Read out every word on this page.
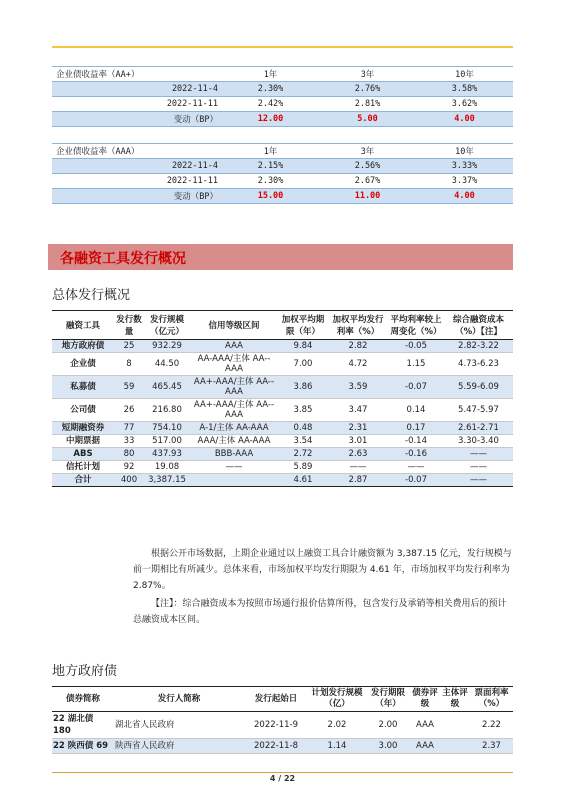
企业债收益率（AA+）	1年	3年	10年
2022-11-4	2.30%	2.76%	3.58%
2022-11-11	2.42%	2.81%	3.62%
变动（BP）	12.00	5.00	4.00
企业债收益率（AAA）	1年	3年	10年
2022-11-4	2.15%	2.56%	3.33%
2022-11-11	2.30%	2.67%	3.37%
变动（BP）	15.00	11.00	4.00
各融资工具发行概况
总体发行概况
融资工具	发行数量	发行规模（亿元）	信用等级区间	加权平均期限（年）	加权平均发行利率（%）	平均利率较上周变化（%）	综合融资成本（%）【注】
地方政府债	25	932.29	AAA	9.84	2.82	-0.05	2.82-3.22
企业债	8	44.50	AA-AAA/主体 AA--AAA	7.00	4.72	1.15	4.73-6.23
私募债	59	465.45	AA+-AAA/主体 AA--AAA	3.86	3.59	-0.07	5.59-6.09
公司债	26	216.80	AA+-AAA/主体 AA--AAA	3.85	3.47	0.14	5.47-5.97
短期融资券	77	754.10	A-1/主体 AA-AAA	0.48	2.31	0.17	2.61-2.71
中期票据	33	517.00	AAA/主体 AA-AAA	3.54	3.01	-0.14	3.30-3.40
ABS	80	437.93	BBB-AAA	2.72	2.63	-0.16	——
信托计划	92	19.08	——	5.89	——	——	——
合计	400	3,387.15		4.61	2.87	-0.07	——
根据公开市场数据，上期企业通过以上融资工具合计融资额为 3,387.15 亿元，发行规模与前一期相比有所减少。总体来看，市场加权平均发行期限为 4.61 年，市场加权平均发行利率为 2.87%。
【注】：综合融资成本为按照市场通行报价估算所得，包含发行及承销等相关费用后的预计总融资成本区间。
地方政府债
债券简称	发行人简称	发行起始日	计划发行规模（亿）	发行期限（年）	债券评级	主体评级	票面利率（%）
22 湖北债 180	湖北省人民政府	2022-11-9	2.02	2.00	AAA		2.22
22 陕西债 69	陕西省人民政府	2022-11-8	1.14	3.00	AAA		2.37
4 / 22
